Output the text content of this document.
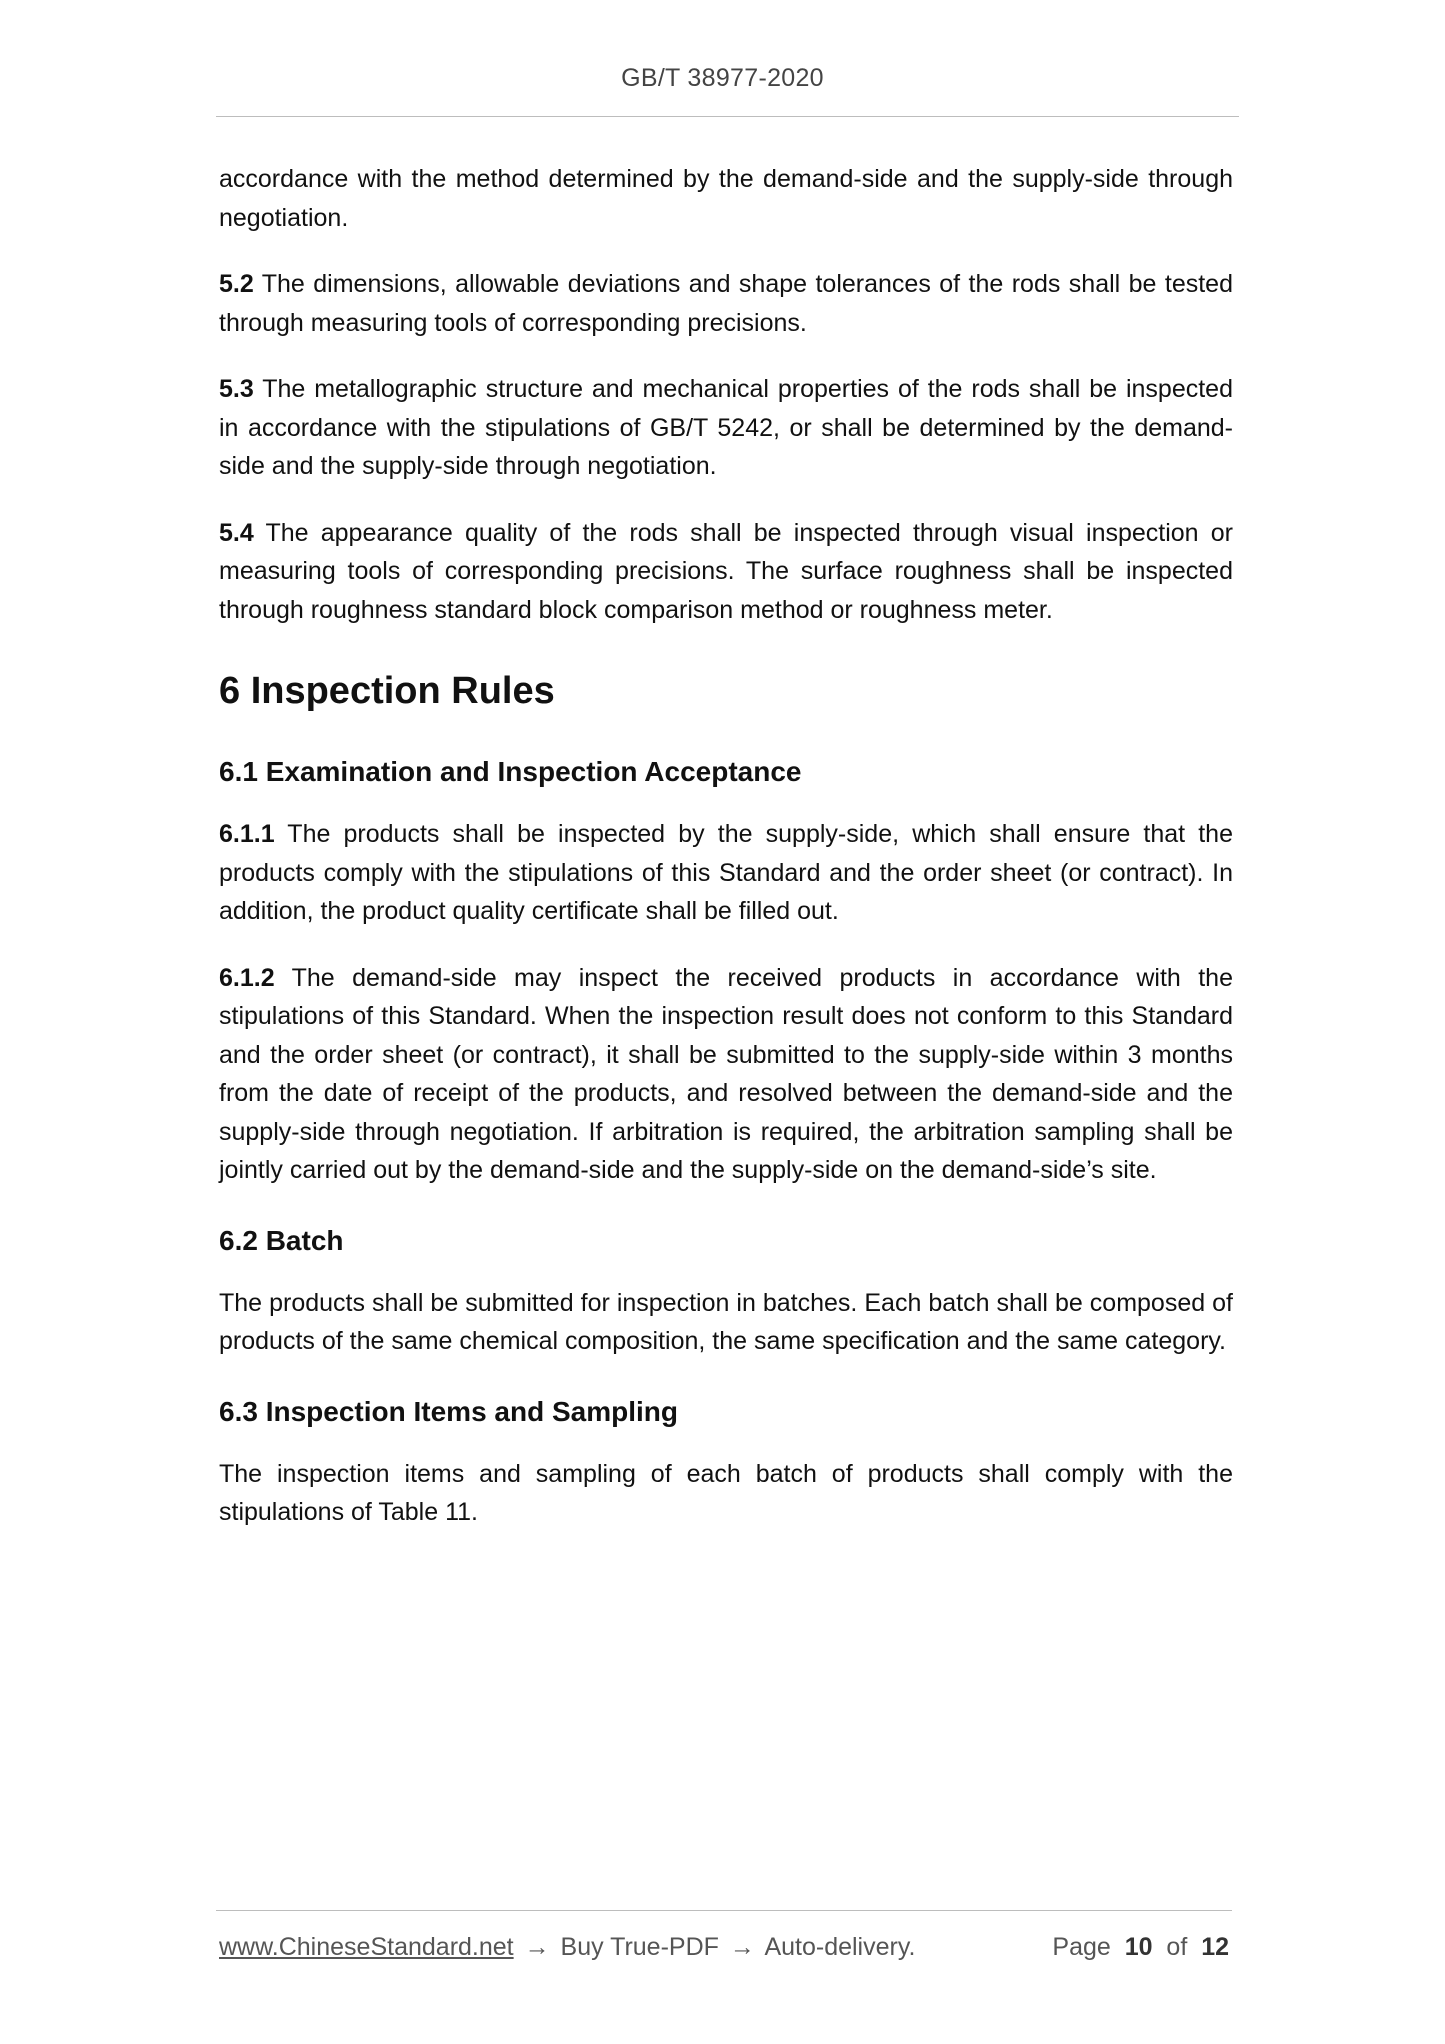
GB/T 38977-2020

accordance with the method determined by the demand-side and the supply-side through negotiation.

5.2 The dimensions, allowable deviations and shape tolerances of the rods shall be tested through measuring tools of corresponding precisions.

5.3 The metallographic structure and mechanical properties of the rods shall be inspected in accordance with the stipulations of GB/T 5242, or shall be determined by the demand-side and the supply-side through negotiation.

5.4 The appearance quality of the rods shall be inspected through visual inspection or measuring tools of corresponding precisions. The surface roughness shall be inspected through roughness standard block comparison method or roughness meter.

6 Inspection Rules
6.1 Examination and Inspection Acceptance

6.1.1 The products shall be inspected by the supply-side, which shall ensure that the products comply with the stipulations of this Standard and the order sheet (or contract). In addition, the product quality certificate shall be filled out.

6.1.2 The demand-side may inspect the received products in accordance with the stipulations of this Standard. When the inspection result does not conform to this Standard and the order sheet (or contract), it shall be submitted to the supply-side within 3 months from the date of receipt of the products, and resolved between the demand-side and the supply-side through negotiation. If arbitration is required, the arbitration sampling shall be jointly carried out by the demand-side and the supply-side on the demand-side’s site.

6.2 Batch

The products shall be submitted for inspection in batches. Each batch shall be composed of products of the same chemical composition, the same specification and the same category.

6.3 Inspection Items and Sampling

The inspection items and sampling of each batch of products shall comply with the stipulations of Table 11.

www.ChineseStandard.net → Buy True-PDF → Auto-delivery.	Page 10 of 12
